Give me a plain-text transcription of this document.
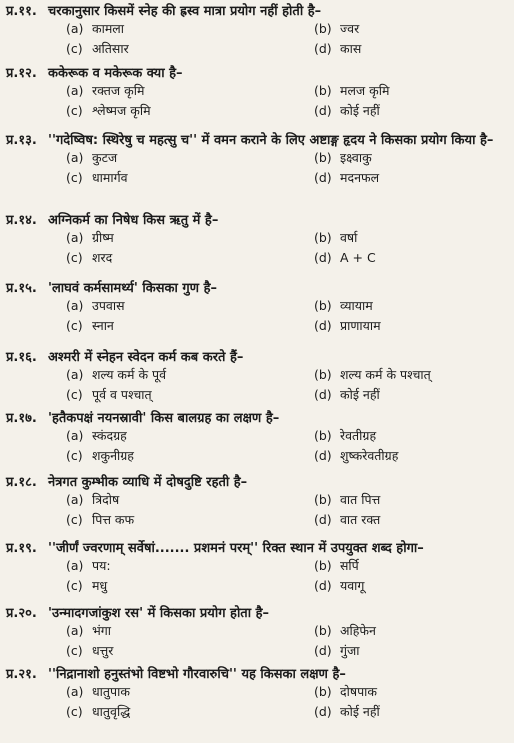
प्र.११. चरकानुसार किसमें स्नेह की ह्रस्व मात्रा प्रयोग नहीं होती है–
(a) कामला	(b) ज्वर
(c) अतिसार	(d) कास
प्र.१२. ककेरूक व मकेरूक क्या है–
(a) रक्तज कृमि	(b) मलज कृमि
(c) श्लेष्मज कृमि	(d) कोई नहीं
प्र.१३. ''गदेष्विष: स्थिरेषु च महत्सु च'' में वमन कराने के लिए अष्टाङ्ग हृदय ने किसका प्रयोग किया है–
(a) कुटज	(b) इक्ष्वाकु
(c) धामार्गव	(d) मदनफल
प्र.१४. अग्निकर्म का निषेध किस ऋतु में है–
(a) ग्रीष्म	(b) वर्षा
(c) शरद	(d) A + C
प्र.१५. 'लाघवं कर्मसामर्थ्य' किसका गुण है–
(a) उपवास	(b) व्यायाम
(c) स्नान	(d) प्राणायाम
प्र.१६. अश्मरी में स्नेहन स्वेदन कर्म कब करते हैं–
(a) शल्य कर्म के पूर्व	(b) शल्य कर्म के पश्चात्
(c) पूर्व व पश्चात्	(d) कोई नहीं
प्र.१७. 'हतैकपक्षं नयनस्रावी' किस बालग्रह का लक्षण है–
(a) स्कंदग्रह	(b) रेवतीग्रह
(c) शकुनीग्रह	(d) शुष्करेवतीग्रह
प्र.१८. नेत्रगत कुम्भीक व्याधि में दोषदुष्टि रहती है–
(a) त्रिदोष	(b) वात पित्त
(c) पित्त कफ	(d) वात रक्त
प्र.१९. ''जीर्णं ज्वरणाम् सर्वेषां....... प्रशमनं परम्'' रिक्त स्थान में उपयुक्त शब्द होगा–
(a) पय:	(b) सर्पि
(c) मधु	(d) यवागू
प्र.२०. 'उन्मादगजांकुश रस' में किसका प्रयोग होता है–
(a) भंगा	(b) अहिफेन
(c) धत्तुर	(d) गुंजा
प्र.२१. ''निद्रानाशो हनुस्तंभो विष्टभो गौरवारुचि'' यह किसका लक्षण है–
(a) धातुपाक	(b) दोषपाक
(c) धातुवृद्धि	(d) कोई नहीं
